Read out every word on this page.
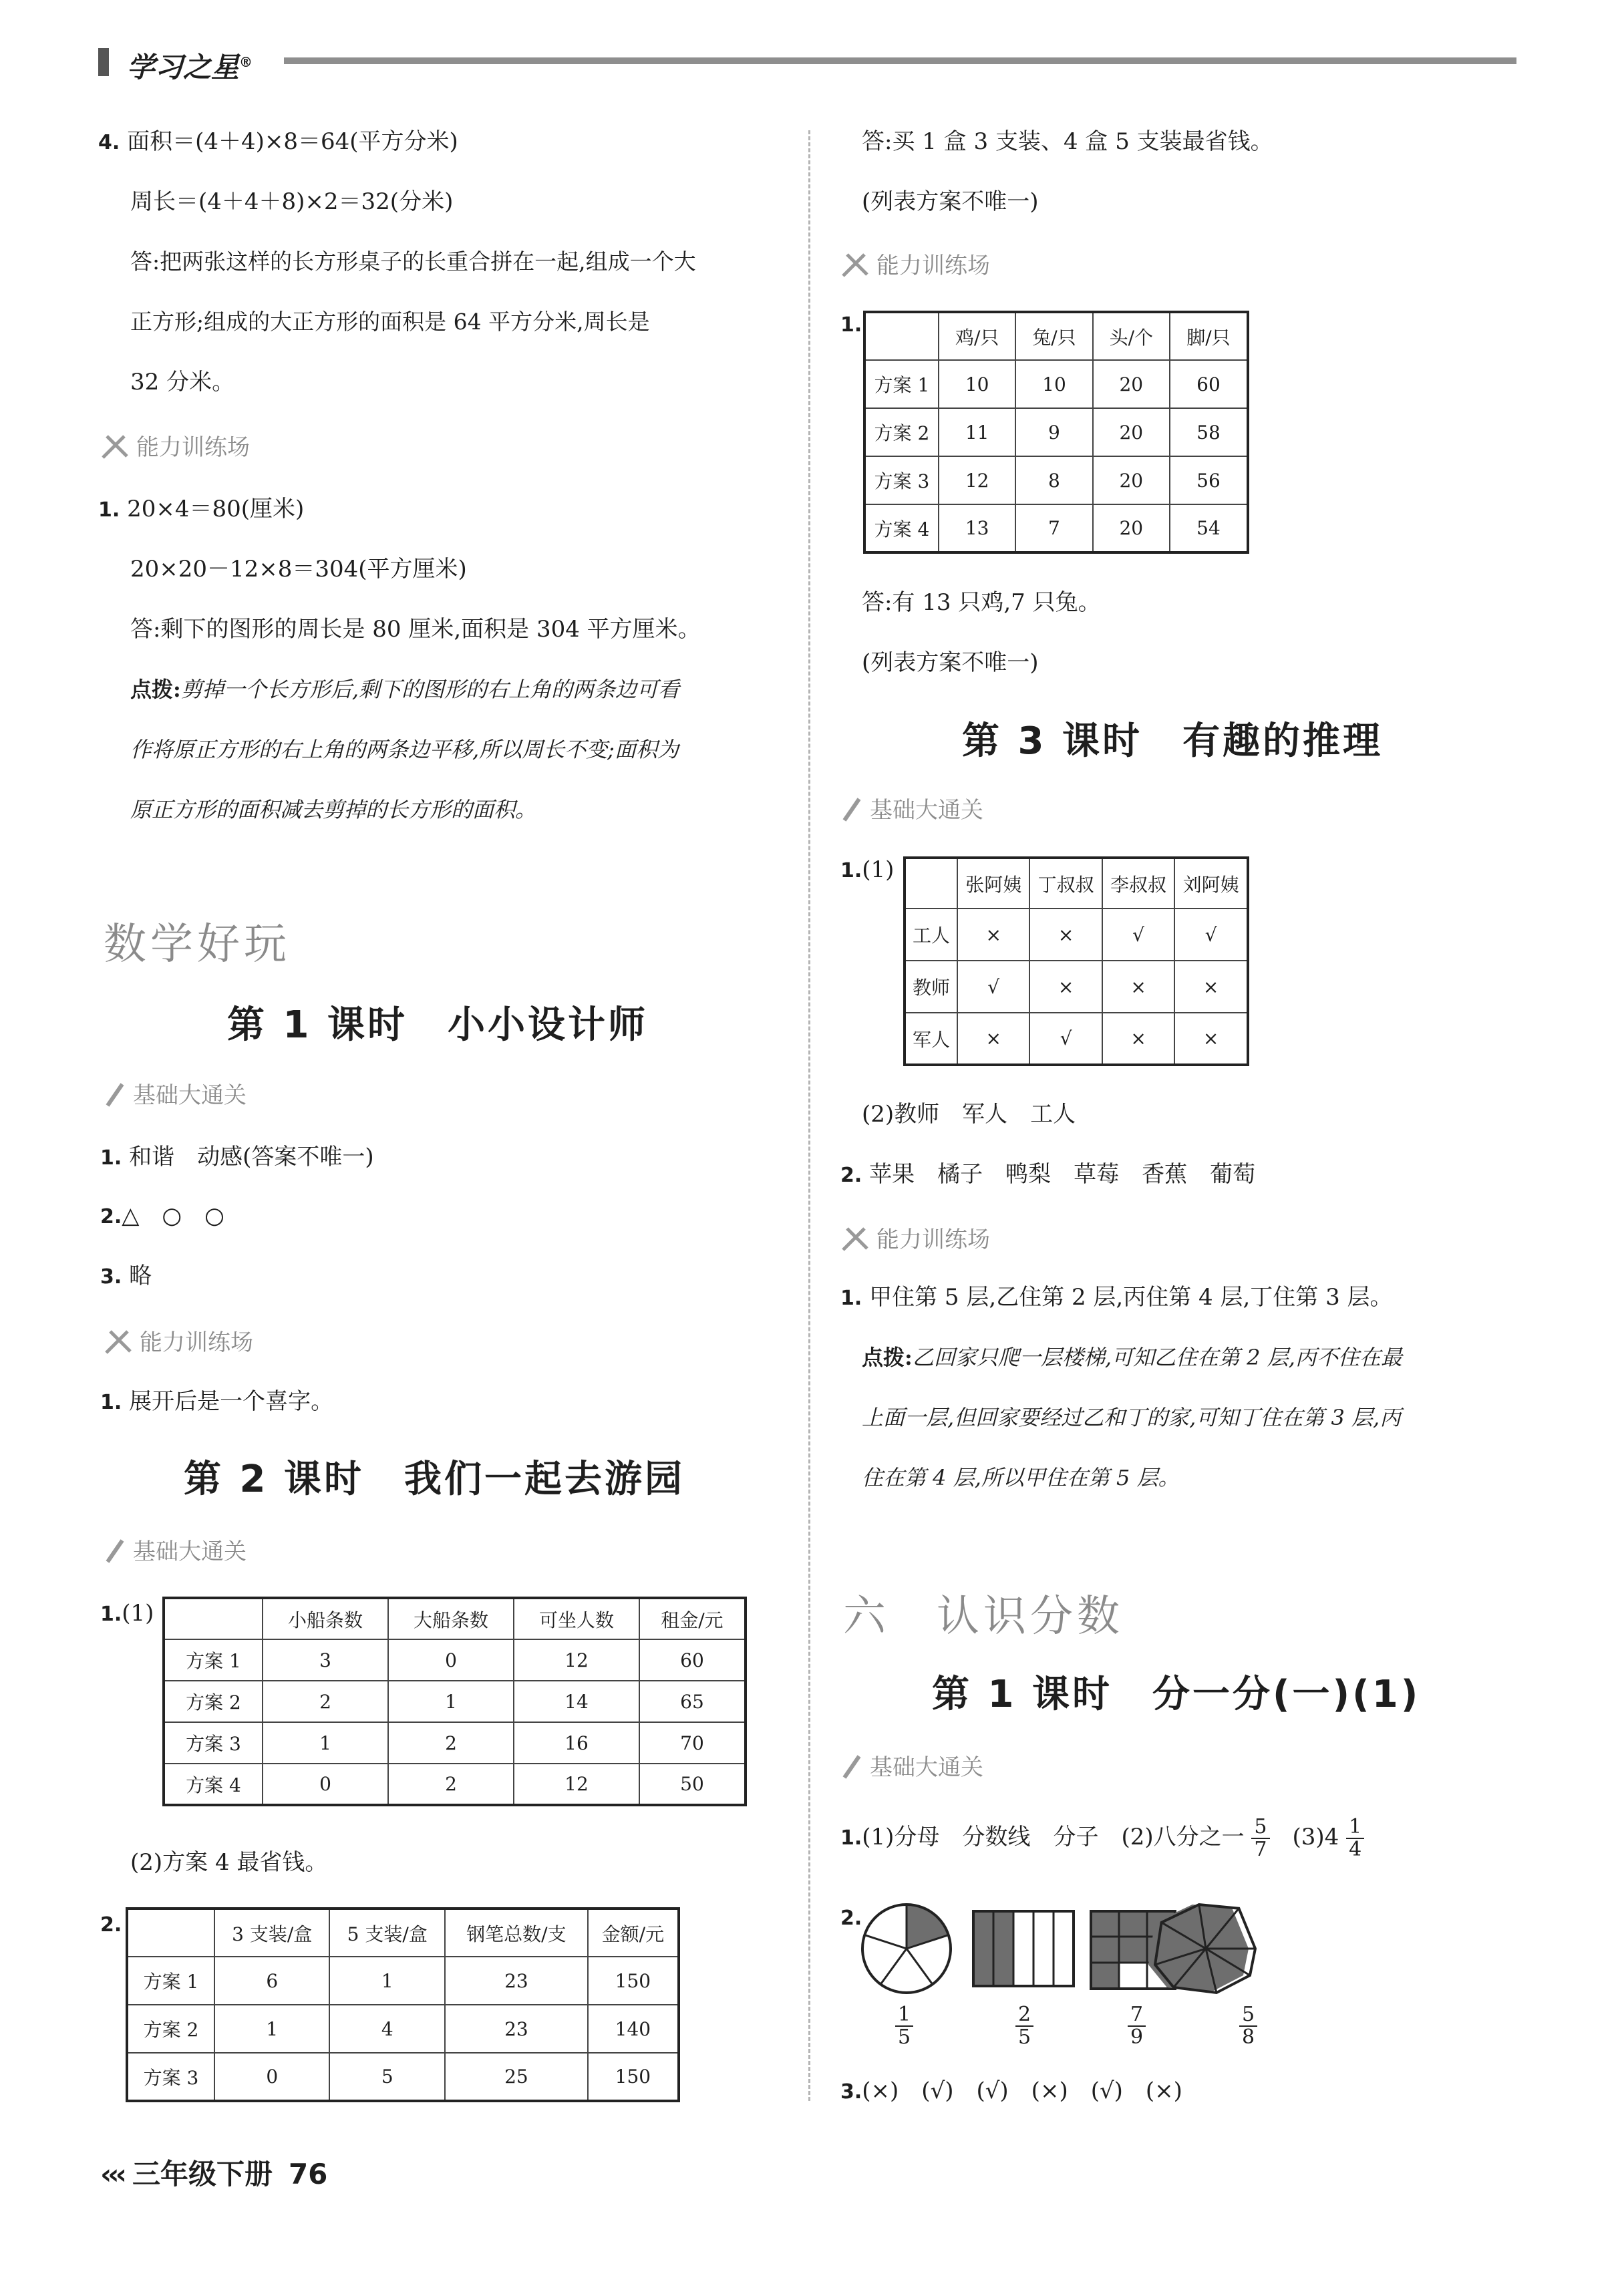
学习之星®
4. 面积＝(4＋4)×8＝64(平方分米)
周长＝(4＋4＋8)×2＝32(分米)
答:把两张这样的长方形桌子的长重合拼在一起,组成一个大
正方形;组成的大正方形的面积是 64 平方分米,周长是
32 分米。
能力训练场
1. 20×4＝80(厘米)
20×20－12×8＝304(平方厘米)
答:剩下的图形的周长是 80 厘米,面积是 304 平方厘米。
点拨:剪掉一个长方形后,剩下的图形的右上角的两条边可看
作将原正方形的右上角的两条边平移,所以周长不变;面积为
原正方形的面积减去剪掉的长方形的面积。
数学好玩
第 1 课时　小小设计师
基础大通关
1. 和谐　动感(答案不唯一)
2.△　○　○
3. 略
能力训练场
1. 展开后是一个喜字。
第 2 课时　我们一起去游园
基础大通关
1.(1)
		小船条数	大船条数	可坐人数	租金/元
方案 1	3	0	12	60
方案 2	2	1	14	65
方案 3	1	2	16	70
方案 4	0	2	12	50
(2)方案 4 最省钱。
2.
		3 支装/盒	5 支装/盒	钢笔总数/支	金额/元
方案 1	6	1	23	150
方案 2	1	4	23	140
方案 3	0	5	25	150
‹‹‹ 三年级下册 76
答:买 1 盒 3 支装、4 盒 5 支装最省钱。
(列表方案不唯一)
能力训练场
1.
	鸡/只	兔/只	头/个	脚/只
方案 1	10	10	20	60
方案 2	11	9	20	58
方案 3	12	8	20	56
方案 4	13	7	20	54
答:有 13 只鸡,7 只兔。
(列表方案不唯一)
第 3 课时　有趣的推理
基础大通关
1.(1)
	张阿姨	丁叔叔	李叔叔	刘阿姨
工人	×	×	√	√
教师	√	×	×	×
军人	×	√	×	×
(2)教师　军人　工人
2. 苹果　橘子　鸭梨　草莓　香蕉　葡萄
能力训练场
1. 甲住第 5 层,乙住第 2 层,丙住第 4 层,丁住第 3 层。
点拨:乙回家只爬一层楼梯,可知乙住在第 2 层,丙不住在最
上面一层,但回家要经过乙和丁的家,可知丁住在第 3 层,丙
住在第 4 层,所以甲住在第 5 层。
六　认识分数
第 1 课时　分一分(一)(1)
基础大通关
1.(1)分母　分数线　分子　(2)八分之一 $\frac{5}{7}$
　 $(3)4 \frac{1}{4}$
2.
$\frac{1}{5}$	$\frac{2}{5}$	$\frac{7}{9}$	$\frac{5}{8}$
3.(×)　(√)　(√)　(×)　(√)　(×)
